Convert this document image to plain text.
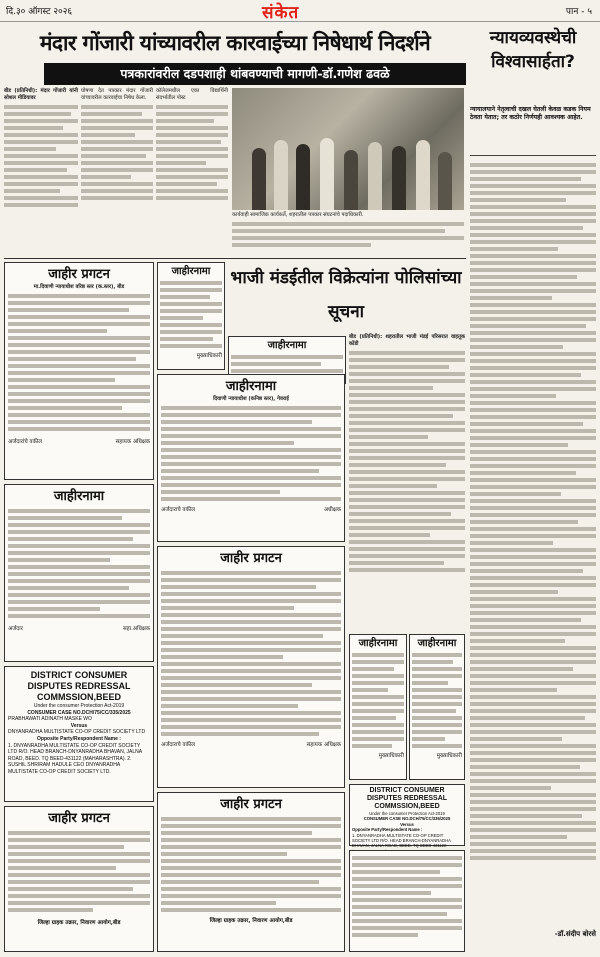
दि.३० ऑगस्ट २०२६	संकेत	पान - ५
मंदार गोंजारी यांच्यावरील कारवाईच्या निषेधार्थ निदर्शने
पत्रकारांवरील दडपशाही थांबवण्याची मागणी-डॉ.गणेश ढवळे
बीड (प्रतिनिधी): मंदार गोंजारी यांनी सोशल मीडियावर
घोषणा देत पत्रकार मंदार गोंजारी यांच्यावरील कारवाईचा निषेध केला.
कॉलेजमधील एका विद्यार्थिनी संदर्भातील पोस्ट
कार्यवाही सामाजिक कार्यकर्ते, शहरातील पत्रकार संघटनांचे पदाधिकारी.
न्यायव्यवस्थेची विश्वासार्हता?
न्यायालयाने नेतृत्वाची दखल घेतली केवळ कडक नियम ठेवता येतात; तर कठोर निर्णयही आवश्यक आहेत.
-डॉ.संदीप बोरसे
जाहीर प्रगटन
मा.दिवाणी न्यायाधीश वरिष्ठ स्तर (क.स्तर), बीड
अर्जदारांचे वकील	सहायक अधिक्षक
जाहीरनामा
अर्जदार	सहा.अधिक्षक
DISTRICT CONSUMER DISPUTES REDRESSAL COMMSSION,BEED
Under the consumer Protection Act-2019
CONSUMER CASE NO.DCH/75/CC/335/2025
PRABHAWATI ADINATH MASKE WO
Versus
DNYANRADHA MULTISTATE CO-OP CREDIT SOCIETY LTD
Opposite Party/Respondent Name :
1. DNYANRADHA MULTISTATE CO-OP CREDIT SOCIETY LTD R/O. HEAD BRANCH-DNYANRADHA BHAVAN, JALNA ROAD, BEED. TQ BEED-431122 (MAHARASHTRA). 2. SUSHIL SHRIRAM HADULE CEO DNYANRADHA MULTISTATE CO-OP CREDIT SOCIETY LTD.
जाहीर प्रगटन
जिल्हा ग्राहक तक्रार, निवारण आयोग,बीड
जाहीरनामा
मुख्याधिकारी
जाहीरनामा
भाजी मंडईतील विक्रेत्यांना पोलिसांच्या सूचना
बीड (प्रतिनिधी): शहरातील भाजी मंडई परिसरात वाहतूक कोंडी
जाहीरनामा
दिवाणी न्यायाधीश (कनिष्ठ स्तर), गेवराई
अर्जदाराचे वकील	अधीक्षक
जाहीर प्रगटन
अर्जदाराचे वकील	सहायक अधिक्षक
जाहीरनामा
मुख्याधिकारी
जाहीरनामा
मुख्याधिकारी
DISTRICT CONSUMER DISPUTES REDRESSAL COMMSSION,BEED
Under the consumer Protection Act-2019
CONSUMER CASE NO.DCH/75/CC/336/2025
Versus
Opposite Party/Respondent Name :
1. DNYANRADHA MULTISTATE CO-OP CREDIT SOCIETY LTD R/O. HEAD BRANCH-DNYANRADHA BHAVAN, JALNA ROAD, BEED. TQ BEED-431122
जाहीर प्रगटन
जिल्हा ग्राहक तक्रार, निवारण आयोग,बीड
